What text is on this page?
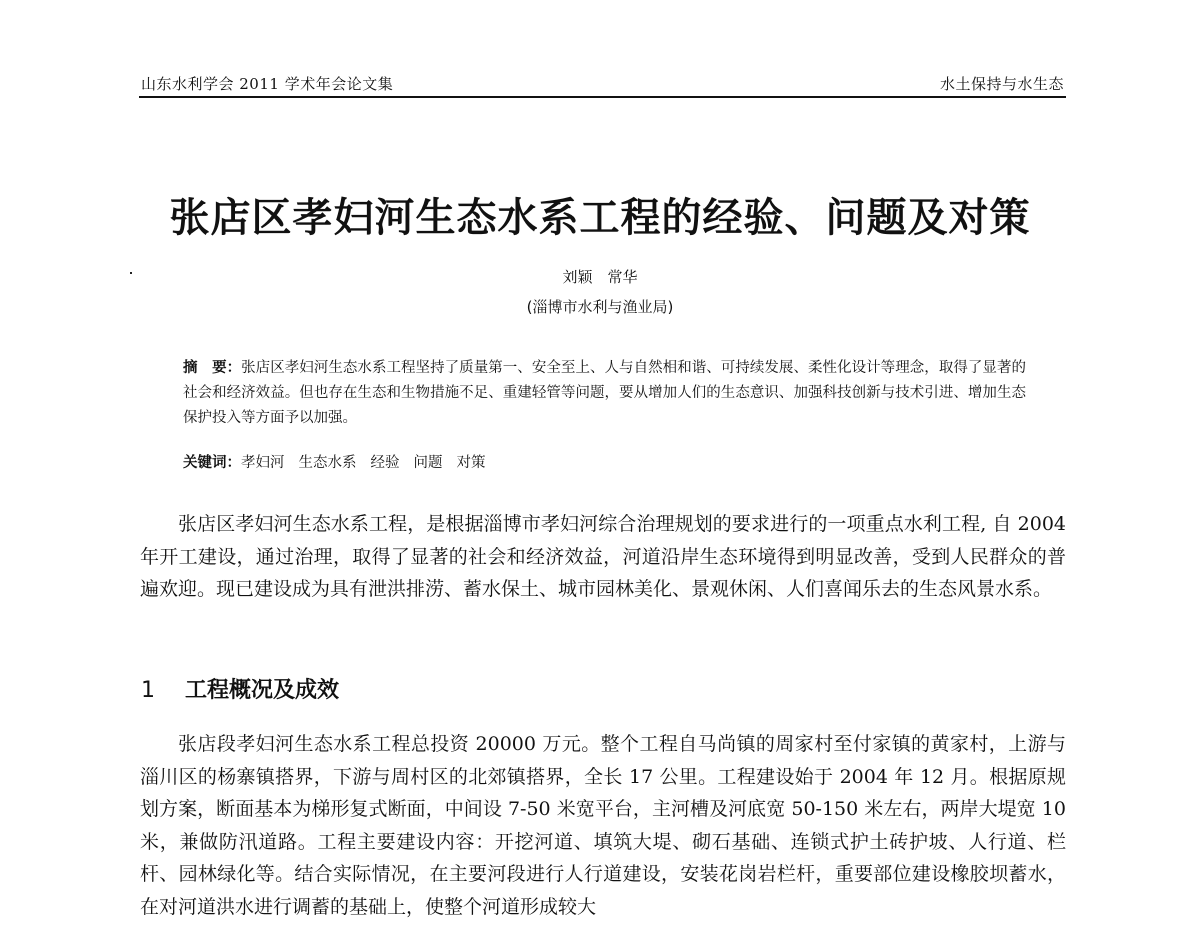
山东水利学会 2011 学术年会论文集	水土保持与水生态
张店区孝妇河生态水系工程的经验、问题及对策
刘颖　常华
(淄博市水利与渔业局)

摘　要：张店区孝妇河生态水系工程坚持了质量第一、安全至上、人与自然相和谐、可持续发展、柔性化设计等理念，取得了显著的社会和经济效益。但也存在生态和生物措施不足、重建轻管等问题，要从增加人们的生态意识、加强科技创新与技术引进、增加生态保护投入等方面予以加强。

关键词：孝妇河 生态水系 经验 问题 对策

张店区孝妇河生态水系工程，是根据淄博市孝妇河综合治理规划的要求进行的一项重点水利工程, 自 2004 年开工建设，通过治理，取得了显著的社会和经济效益，河道沿岸生态环境得到明显改善，受到人民群众的普遍欢迎。现已建设成为具有泄洪排涝、蓄水保土、城市园林美化、景观休闲、人们喜闻乐去的生态风景水系。

1 工程概况及成效

张店段孝妇河生态水系工程总投资 20000 万元。整个工程自马尚镇的周家村至付家镇的黄家村，上游与淄川区的杨寨镇搭界，下游与周村区的北郊镇搭界，全长 17 公里。工程建设始于 2004 年 12 月。根据原规划方案，断面基本为梯形复式断面，中间设 7-50 米宽平台，主河槽及河底宽 50-150 米左右，两岸大堤宽 10 米，兼做防汛道路。工程主要建设内容：开挖河道、填筑大堤、砌石基础、连锁式护土砖护坡、人行道、栏杆、园林绿化等。结合实际情况，在主要河段进行人行道建设，安装花岗岩栏杆，重要部位建设橡胶坝蓄水，在对河道洪水进行调蓄的基础上，使整个河道形成较大
